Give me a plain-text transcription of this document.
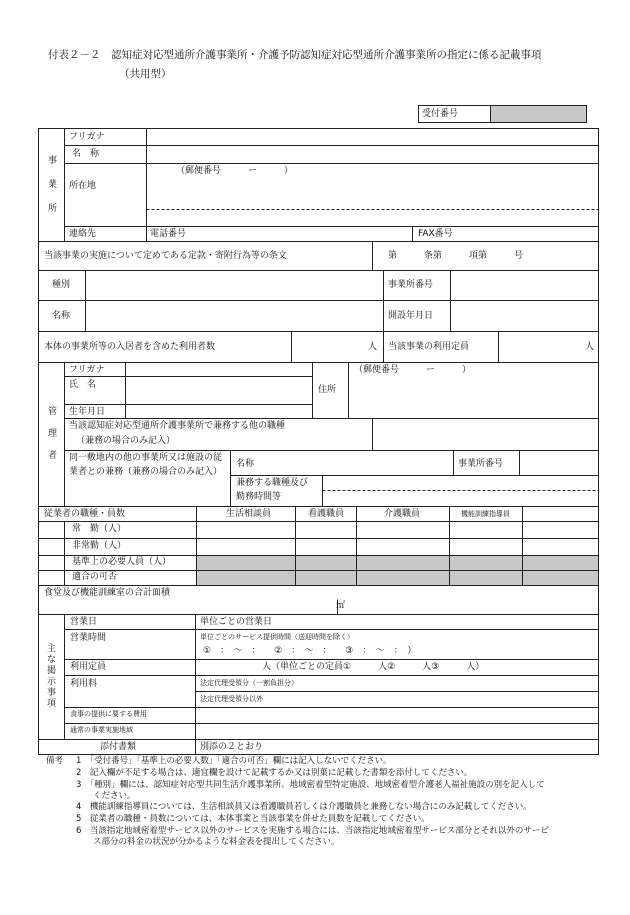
付表２－２　認知症対応型通所介護事業所・介護予防認知症対応型通所介護事業所の指定に係る記載事項
（共用型）
受付番号
事
業
所
フリガナ
名　称
所在地
（郵便番号　　　ー　　　）
連絡先	電話番号	FAX番号
当該事業の実施について定めてある定款・寄附行為等の条文	第　　　条第　　　項第　　　号
種別	事業所番号
名称	開設年月日
本体の事業所等の入居者を含めた利用者数	人 当該事業の利用定員	人
管
理
者
フリガナ
氏　名	住所
（郵便番号　　　ー　　　）
生年月日
当該認知症対応型通所介護事業所で兼務する他の職種
（兼務の場合のみ記入）
同一敷地内の他の事業所又は施設の従
業者との兼務（兼務の場合のみ記入）
名称	事業所番号
兼務する職種及び
勤務時間等
従業者の職種・員数	生活相談員	看護職員	介護職員	機能訓練指導員
常　勤（人）
非常勤（人）
基準上の必要人員（人）
適合の可否
食堂及び機能訓練室の合計面積
㎡
主
な
掲
示
事
項
営業日	単位ごとの営業日
営業時間	単位ごとのサービス提供時間（送迎時間を除く）
①　：　～　：　　②　：　～　：　　③　：　～　：　）
利用定員	人（単位ごとの定員①　　　人②　　　人③　　　人）
利用料	法定代理受領分（一割負担分）
法定代理受領分以外
食事の提供に要する費用
通常の事業実施地域
添付書類	別添の２とおり
備考 1　「受付番号」「基準上の必要人数」「適合の可否」欄には記入しないでください。
2　記入欄が不足する場合は、適宜欄を設けて記載するか又は別葉に記載した書類を添付してください。
3　「種別」欄には、認知症対応型共同生活介護事業所、地域密着型特定施設、地域密着型介護老人福祉施設の別を記入して
　　ください。
4　機能訓練指導員については、生活相談員又は看護職員若しくは介護職員と兼務しない場合にのみ記載してください。
5　従業者の職種・員数については、本体事業と当該事業を併せた員数を記載してください。
6　当該指定地域密着型サービス以外のサービスを実施する場合には、当該指定地域密着型サービス部分とそれ以外のサービ
　　ス部分の料金の状況が分かるような料金表を提出してください。
